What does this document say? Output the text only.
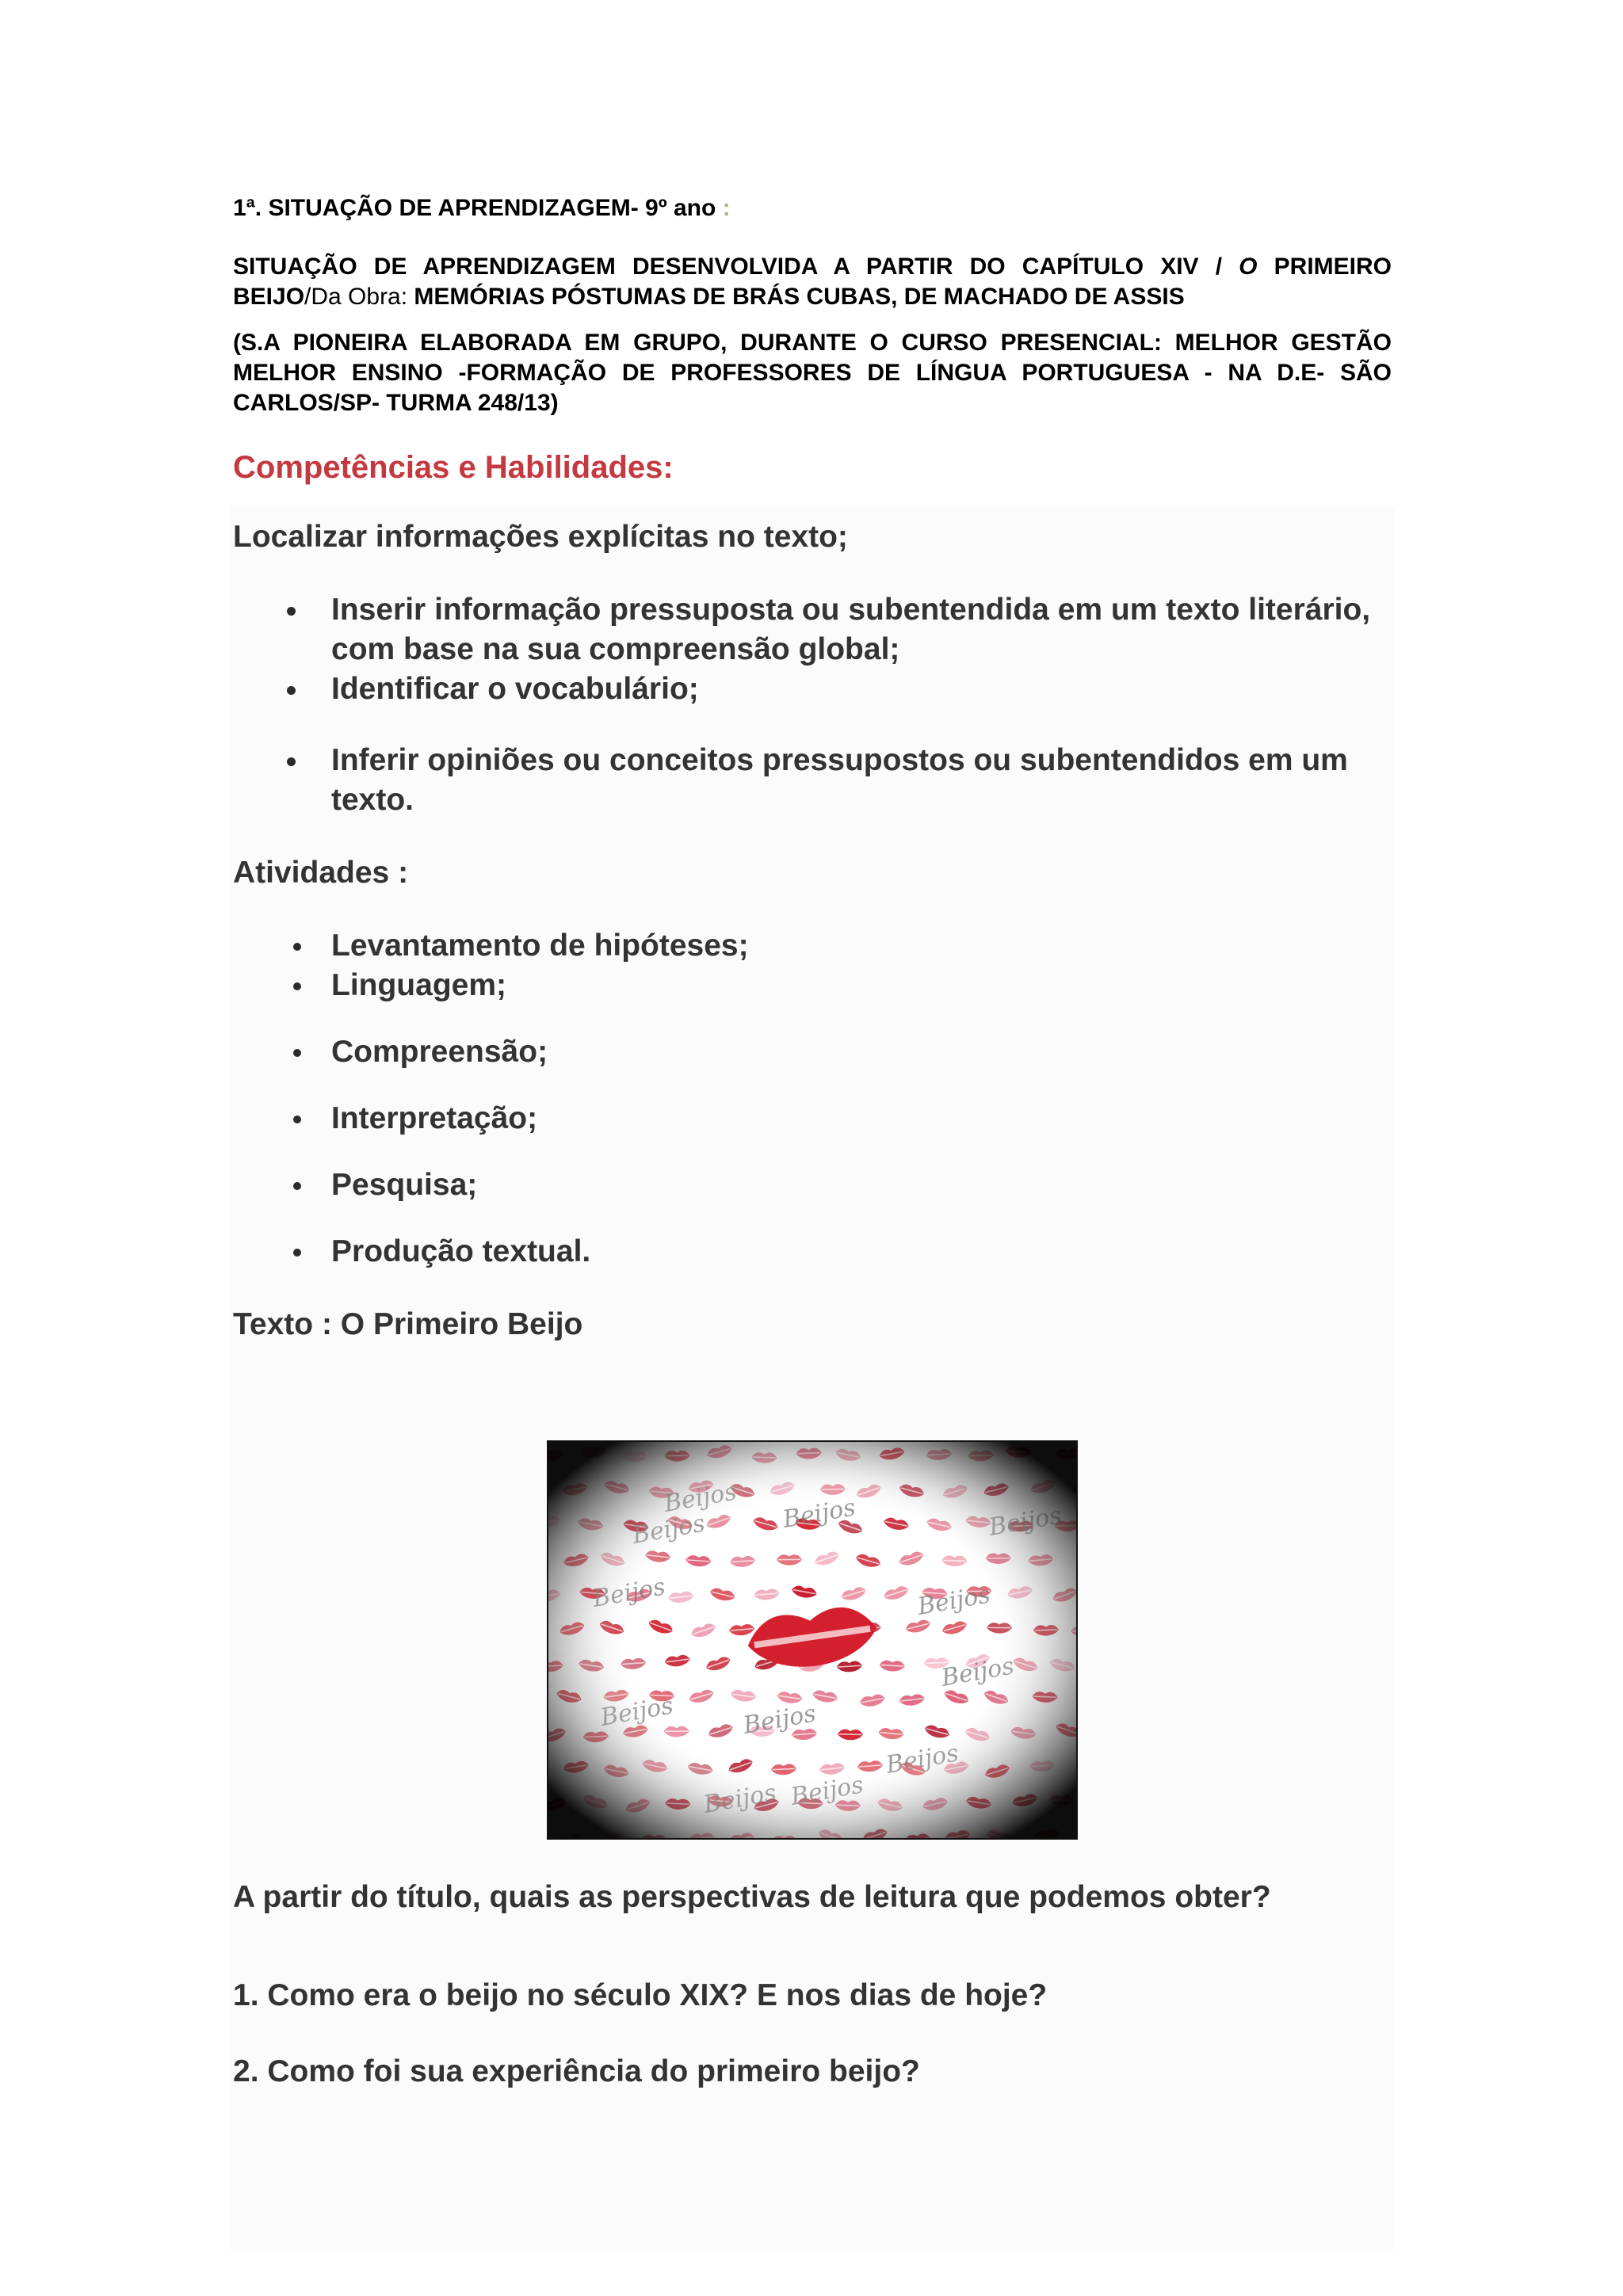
1ª. SITUAÇÃO DE APRENDIZAGEM- 9º ano :

SITUAÇÃO DE APRENDIZAGEM DESENVOLVIDA A PARTIR DO CAPÍTULO XIV / O PRIMEIRO BEIJO/Da Obra: MEMÓRIAS PÓSTUMAS DE BRÁS CUBAS, DE MACHADO DE ASSIS

(S.A PIONEIRA ELABORADA EM GRUPO, DURANTE O CURSO PRESENCIAL: MELHOR GESTÃO MELHOR ENSINO -FORMAÇÃO DE PROFESSORES DE LÍNGUA PORTUGUESA - NA D.E- SÃO CARLOS/SP- TURMA 248/13)

Competências e Habilidades:

Localizar informações explícitas no texto;

Inserir informação pressuposta ou subentendida em um texto literário, com base na sua compreensão global;
Identificar o vocabulário;
Inferir opiniões ou conceitos pressupostos ou subentendidos em um texto.

Atividades :

Levantamento de hipóteses;
Linguagem;
Compreensão;
Interpretação;
Pesquisa;
Produção textual.

Texto : O Primeiro Beijo

A partir do título, quais as perspectivas de leitura que podemos obter?

1. Como era o beijo no século XIX? E nos dias de hoje?

2. Como foi sua experiência do primeiro beijo?
